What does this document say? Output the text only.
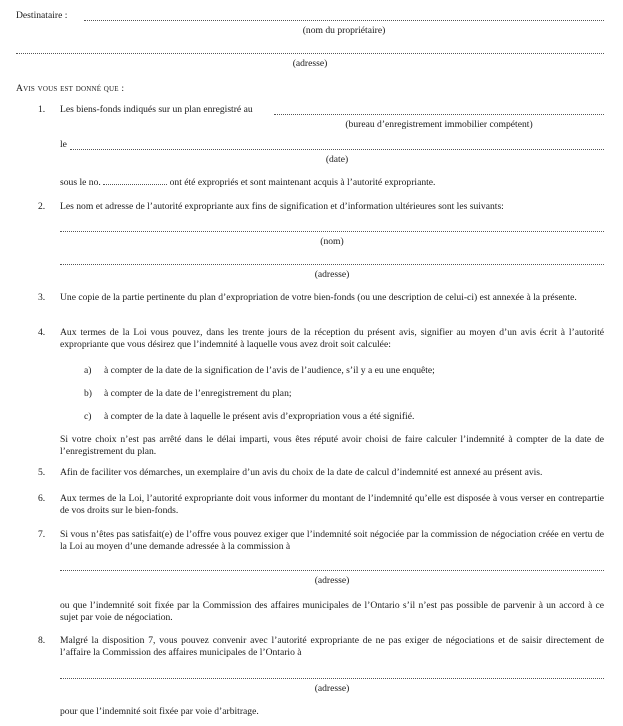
Destinataire :
(nom du propriétaire)
(adresse)
Avis vous est donné que :
1. Les biens-fonds indiqués sur un plan enregistré au
(bureau d’enregistrement immobilier compétent)
le
(date)
sous le no.	ont été expropriés et sont maintenant acquis à l’autorité expropriante.
2. Les nom et adresse de l’autorité expropriante aux fins de signification et d’information ultérieures sont les suivants:
(nom)
(adresse)
3. Une copie de la partie pertinente du plan d’expropriation de votre bien-fonds (ou une description de celui-ci) est annexée à la présente.
4. Aux termes de la Loi vous pouvez, dans les trente jours de la réception du présent avis, signifier au moyen d’un avis écrit à l’autorité expropriante que vous désirez que l’indemnité à laquelle vous avez droit soit calculée:
a) à compter de la date de la signification de l’avis de l’audience, s’il y a eu une enquête;
b) à compter de la date de l’enregistrement du plan;
c) à compter de la date à laquelle le présent avis d’expropriation vous a été signifié.
Si votre choix n’est pas arrêté dans le délai imparti, vous êtes réputé avoir choisi de faire calculer l’indemnité à compter de la date de l’enregistrement du plan.
5. Afin de faciliter vos démarches, un exemplaire d’un avis du choix de la date de calcul d’indemnité est annexé au présent avis.
6. Aux termes de la Loi, l’autorité expropriante doit vous informer du montant de l’indemnité qu’elle est disposée à vous verser en contrepartie de vos droits sur le bien-fonds.
7. Si vous n’êtes pas satisfait(e) de l’offre vous pouvez exiger que l’indemnité soit négociée par la commission de négociation créée en vertu de la Loi au moyen d’une demande adressée à la commission à
(adresse)
ou que l’indemnité soit fixée par la Commission des affaires municipales de l’Ontario s’il n’est pas possible de parvenir à un accord à ce sujet par voie de négociation.
8. Malgré la disposition 7, vous pouvez convenir avec l’autorité expropriante de ne pas exiger de négociations et de saisir directement de l’affaire la Commission des affaires municipales de l’Ontario à
(adresse)
pour que l’indemnité soit fixée par voie d’arbitrage.
